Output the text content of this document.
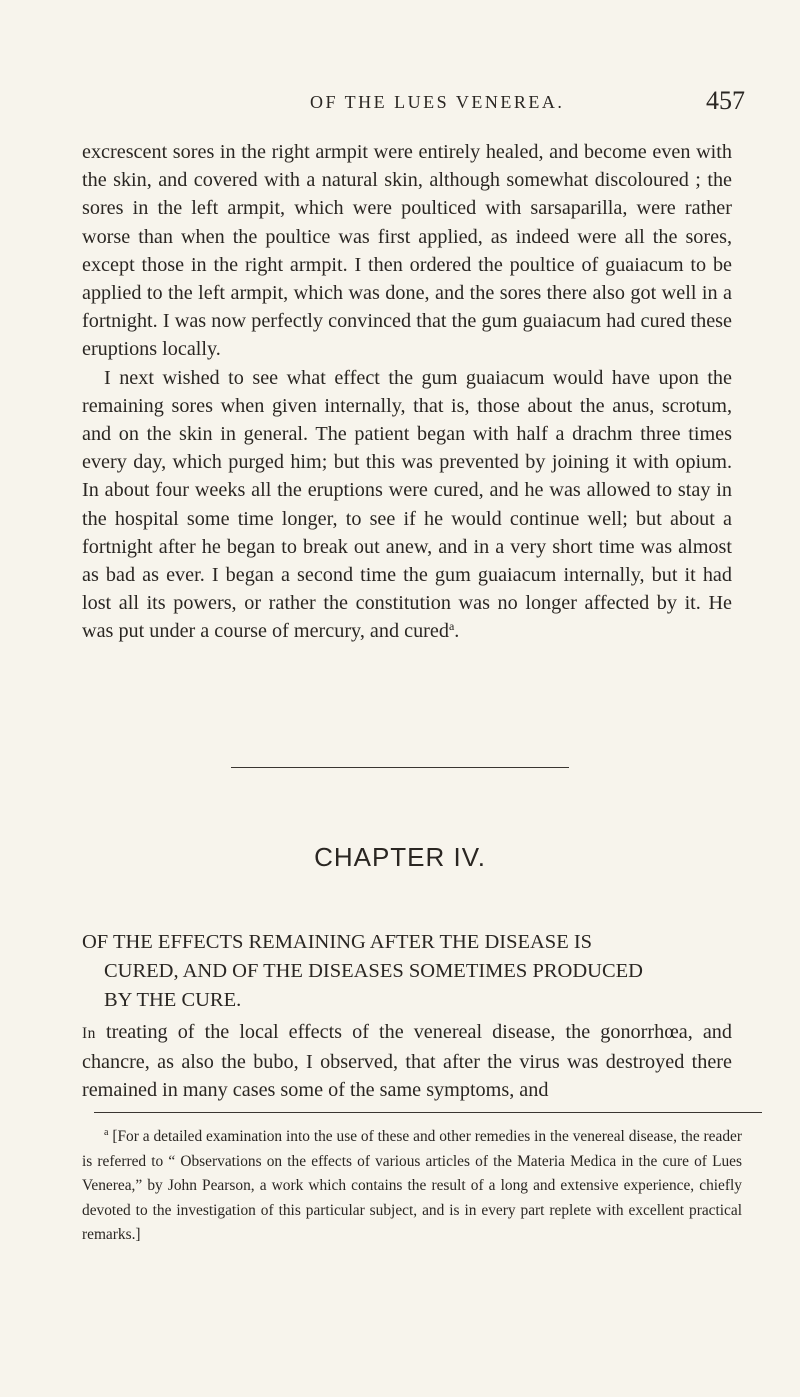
OF THE LUES VENEREA.	457

excrescent sores in the right armpit were entirely healed, and become even with the skin, and covered with a natural skin, although somewhat discoloured ; the sores in the left armpit, which were poulticed with sarsaparilla, were rather worse than when the poultice was first applied, as indeed were all the sores, except those in the right armpit. I then ordered the poultice of guaiacum to be applied to the left armpit, which was done, and the sores there also got well in a fortnight. I was now perfectly convinced that the gum guaiacum had cured these eruptions locally.

I next wished to see what effect the gum guaiacum would have upon the remaining sores when given internally, that is, those about the anus, scrotum, and on the skin in general. The patient began with half a drachm three times every day, which purged him; but this was prevented by joining it with opium. In about four weeks all the eruptions were cured, and he was allowed to stay in the hospital some time longer, to see if he would continue well; but about a fortnight after he began to break out anew, and in a very short time was almost as bad as ever. I began a second time the gum guaiacum internally, but it had lost all its powers, or rather the constitution was no longer affected by it. He was put under a course of mercury, and cured$^a$.

CHAPTER IV.
OF THE EFFECTS REMAINING AFTER THE DISEASE IS
CURED, AND OF THE DISEASES SOMETIMES PRODUCED
BY THE CURE.

In treating of the local effects of the venereal disease, the gonorrhœa, and chancre, as also the bubo, I observed, that after the virus was destroyed there remained in many cases some of the same symptoms, and

$^a$ [For a detailed examination into the use of these and other remedies in the venereal disease, the reader is referred to “ Observations on the effects of various articles of the Materia Medica in the cure of Lues Venerea,” by John Pearson, a work which contains the result of a long and extensive experience, chiefly devoted to the investigation of this particular subject, and is in every part replete with excellent practical remarks.]
